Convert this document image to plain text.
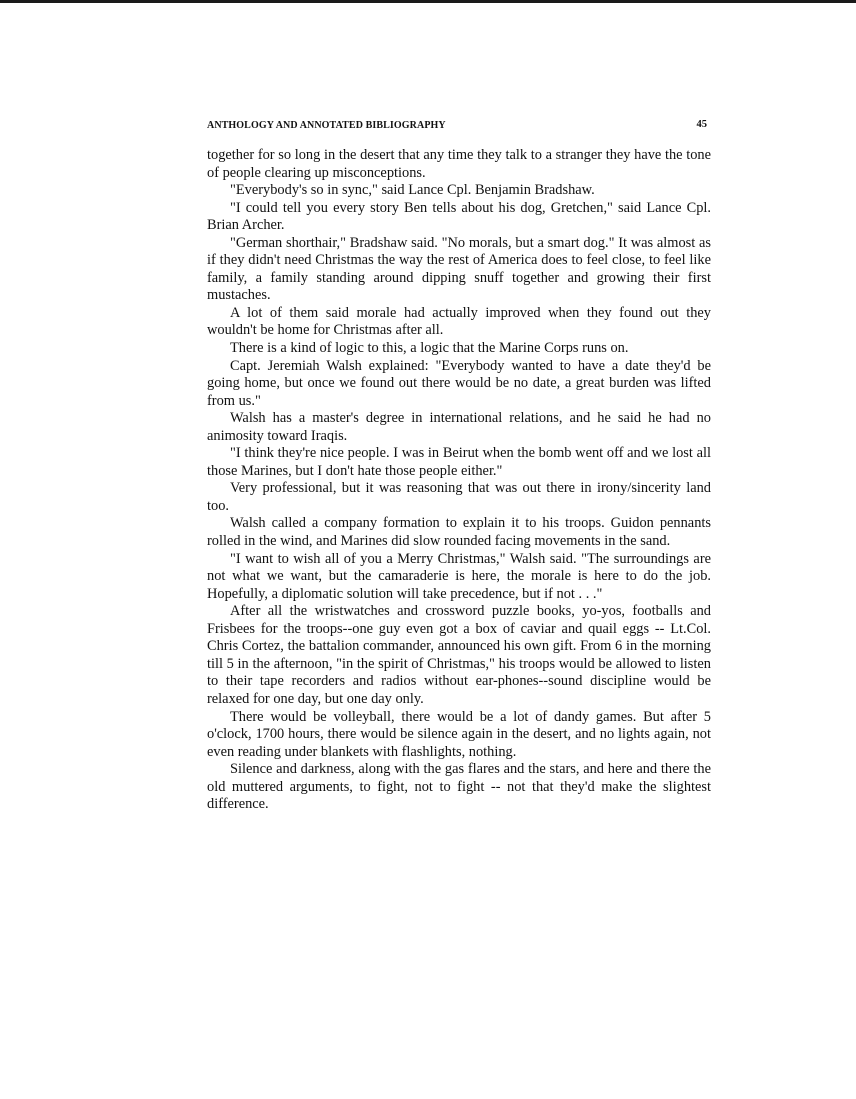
ANTHOLOGY AND ANNOTATED BIBLIOGRAPHY	45

together for so long in the desert that any time they talk to a stranger they have the tone of people clearing up misconceptions.

"Everybody's so in sync," said Lance Cpl. Benjamin Bradshaw.

"I could tell you every story Ben tells about his dog, Gretchen," said Lance Cpl. Brian Archer.

"German shorthair," Bradshaw said. "No morals, but a smart dog." It was almost as if they didn't need Christmas the way the rest of America does to feel close, to feel like family, a family standing around dipping snuff together and growing their first mustaches.

A lot of them said morale had actually improved when they found out they wouldn't be home for Christmas after all.

There is a kind of logic to this, a logic that the Marine Corps runs on.

Capt. Jeremiah Walsh explained: "Everybody wanted to have a date they'd be going home, but once we found out there would be no date, a great burden was lifted from us."

Walsh has a master's degree in international relations, and he said he had no animosity toward Iraqis.

"I think they're nice people. I was in Beirut when the bomb went off and we lost all those Marines, but I don't hate those people either."

Very professional, but it was reasoning that was out there in irony/sincerity land too.

Walsh called a company formation to explain it to his troops. Guidon pennants rolled in the wind, and Marines did slow rounded facing movements in the sand.

"I want to wish all of you a Merry Christmas," Walsh said. "The surroundings are not what we want, but the camaraderie is here, the morale is here to do the job. Hopefully, a diplomatic solution will take precedence, but if not . . ."

After all the wristwatches and crossword puzzle books, yo-yos, footballs and Frisbees for the troops--one guy even got a box of caviar and quail eggs -- Lt.Col. Chris Cortez, the battalion commander, announced his own gift. From 6 in the morning till 5 in the afternoon, "in the spirit of Christmas," his troops would be allowed to listen to their tape recorders and radios without ear-phones--sound discipline would be relaxed for one day, but one day only.

There would be volleyball, there would be a lot of dandy games. But after 5 o'clock, 1700 hours, there would be silence again in the desert, and no lights again, not even reading under blankets with flashlights, nothing.

Silence and darkness, along with the gas flares and the stars, and here and there the old muttered arguments, to fight, not to fight -- not that they'd make the slightest difference.
